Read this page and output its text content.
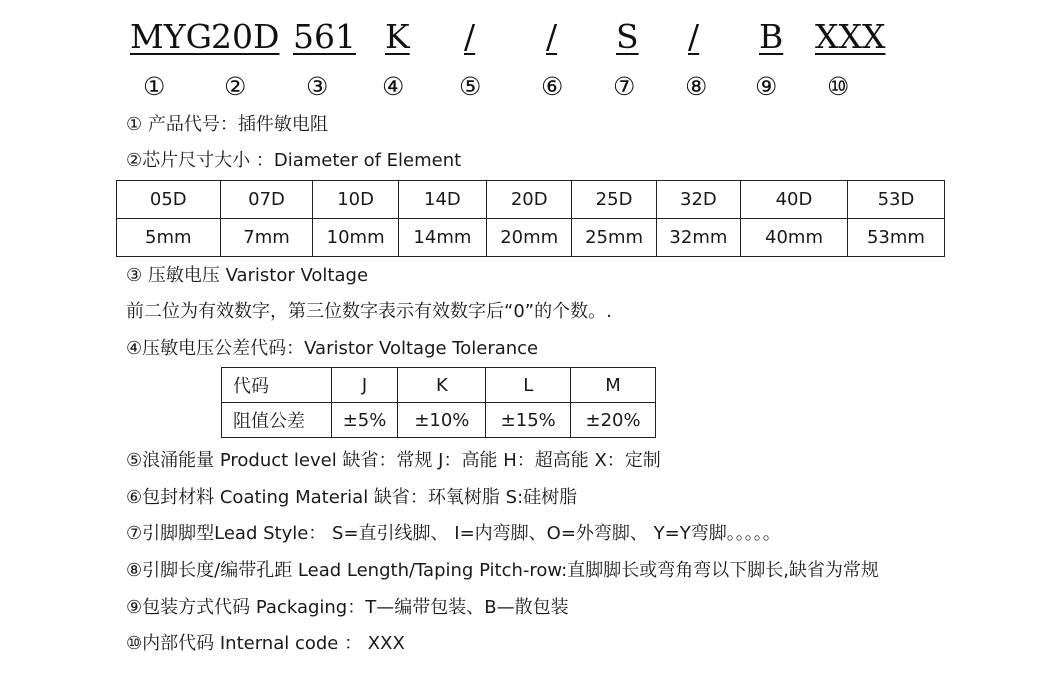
MYG 20D 561 K / / S / B XXX
① ② ③ ④ ⑤ ⑥ ⑦ ⑧ ⑨ ⑩
① 产品代号：插件敏电阻
②芯片尺寸大小 ：Diameter of Element
05D	07D	10D	14D	20D	25D	32D	40D	53D
5mm	7mm	10mm	14mm	20mm	25mm	32mm	40mm	53mm
③ 压敏电压 Varistor Voltage
前二位为有效数字，第三位数字表示有效数字后“0”的个数。.
④压敏电压公差代码：Varistor Voltage Tolerance
代码	J	K	L	M
阻值公差	±5%	±10%	±15%	±20%
⑤浪涌能量 Product level 缺省：常规 J：高能 H：超高能 X：定制
⑥包封材料 Coating Material 缺省：环氧树脂 S:硅树脂
⑦引脚脚型Lead Style： S=直引线脚、 I=内弯脚、O=外弯脚、 Y=Y弯脚。。。。。
⑧引脚长度/编带孔距 Lead Length/Taping Pitch-row:直脚脚长或弯角弯以下脚长,缺省为常规
⑨包装方式代码 Packaging：T—编带包装、B—散包装
⑩内部代码 Internal code ： XXX
